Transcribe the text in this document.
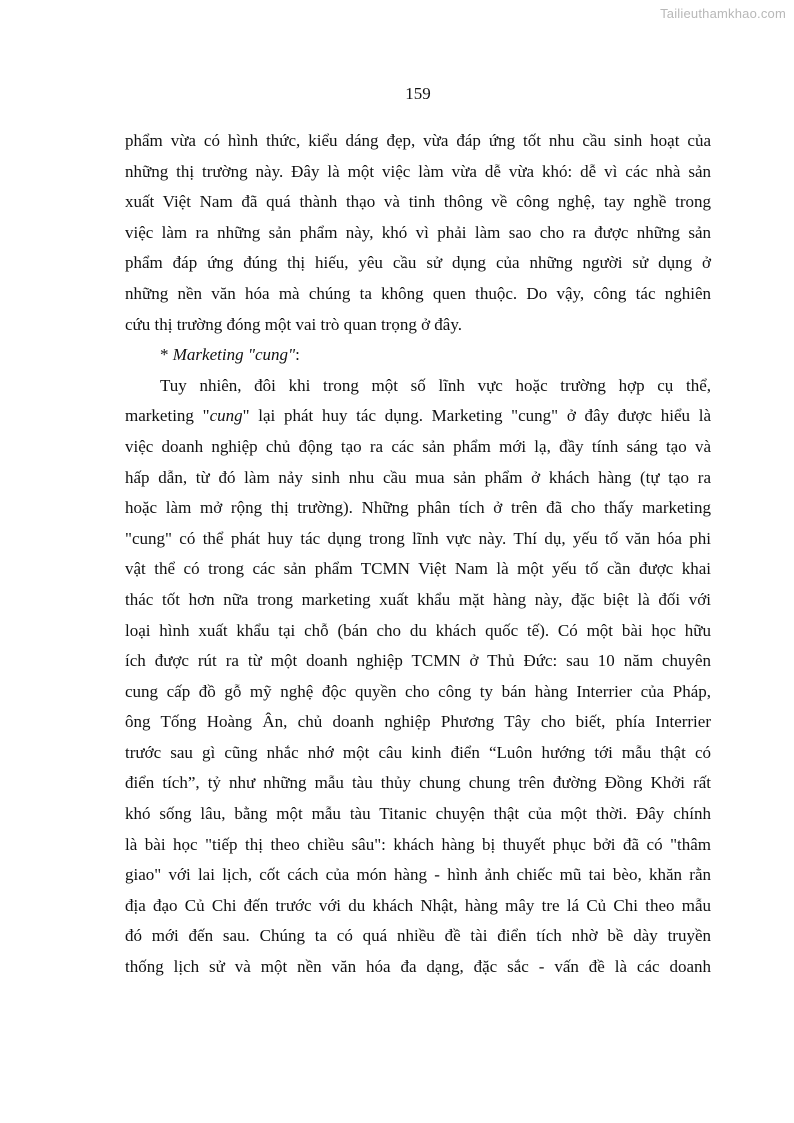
Tailieuthamkhao.com
159
phẩm vừa có hình thức, kiểu dáng đẹp, vừa đáp ứng tốt nhu cầu sinh hoạt của
những thị trường này. Đây là một việc làm vừa dễ vừa khó: dễ vì các nhà sản
xuất Việt Nam đã quá thành thạo và tinh thông về công nghệ, tay nghề trong
việc làm ra những sản phẩm này, khó vì phải làm sao cho ra được những sản
phẩm đáp ứng đúng thị hiếu, yêu cầu sử dụng của những người sử dụng ở
những nền văn hóa mà chúng ta không quen thuộc. Do vậy, công tác nghiên
cứu thị trường đóng một vai trò quan trọng ở đây.
* Marketing "cung":
Tuy nhiên, đôi khi trong một số lĩnh vực hoặc trường hợp cụ thể,
marketing "cung" lại phát huy tác dụng. Marketing "cung" ở đây được hiểu là
việc doanh nghiệp chủ động tạo ra các sản phẩm mới lạ, đầy tính sáng tạo và
hấp dẫn, từ đó làm nảy sinh nhu cầu mua sản phẩm ở khách hàng (tự tạo ra
hoặc làm mở rộng thị trường). Những phân tích ở trên đã cho thấy marketing
"cung" có thể phát huy tác dụng trong lĩnh vực này. Thí dụ, yếu tố văn hóa phi
vật thể có trong các sản phẩm TCMN Việt Nam là một yếu tố cần được khai
thác tốt hơn nữa trong marketing xuất khẩu mặt hàng này, đặc biệt là đối với
loại hình xuất khẩu tại chỗ (bán cho du khách quốc tế). Có một bài học hữu
ích được rút ra từ một doanh nghiệp TCMN ở Thủ Đức: sau 10 năm chuyên
cung cấp đồ gỗ mỹ nghệ độc quyền cho công ty bán hàng Interrier của Pháp,
ông Tống Hoàng Ân, chủ doanh nghiệp Phương Tây cho biết, phía Interrier
trước sau gì cũng nhắc nhớ một câu kinh điển “Luôn hướng tới mẫu thật có
điển tích”, tỷ như những mẫu tàu thủy chung chung trên đường Đồng Khởi rất
khó sống lâu, bằng một mẫu tàu Titanic chuyện thật của một thời. Đây chính
là bài học "tiếp thị theo chiều sâu": khách hàng bị thuyết phục bởi đã có "thâm
giao" với lai lịch, cốt cách của món hàng - hình ảnh chiếc mũ tai bèo, khăn rằn
địa đạo Củ Chi đến trước với du khách Nhật, hàng mây tre lá Củ Chi theo mẫu
đó mới đến sau. Chúng ta có quá nhiều đề tài điển tích nhờ bề dày truyền
thống lịch sử và một nền văn hóa đa dạng, đặc sắc - vấn đề là các doanh
